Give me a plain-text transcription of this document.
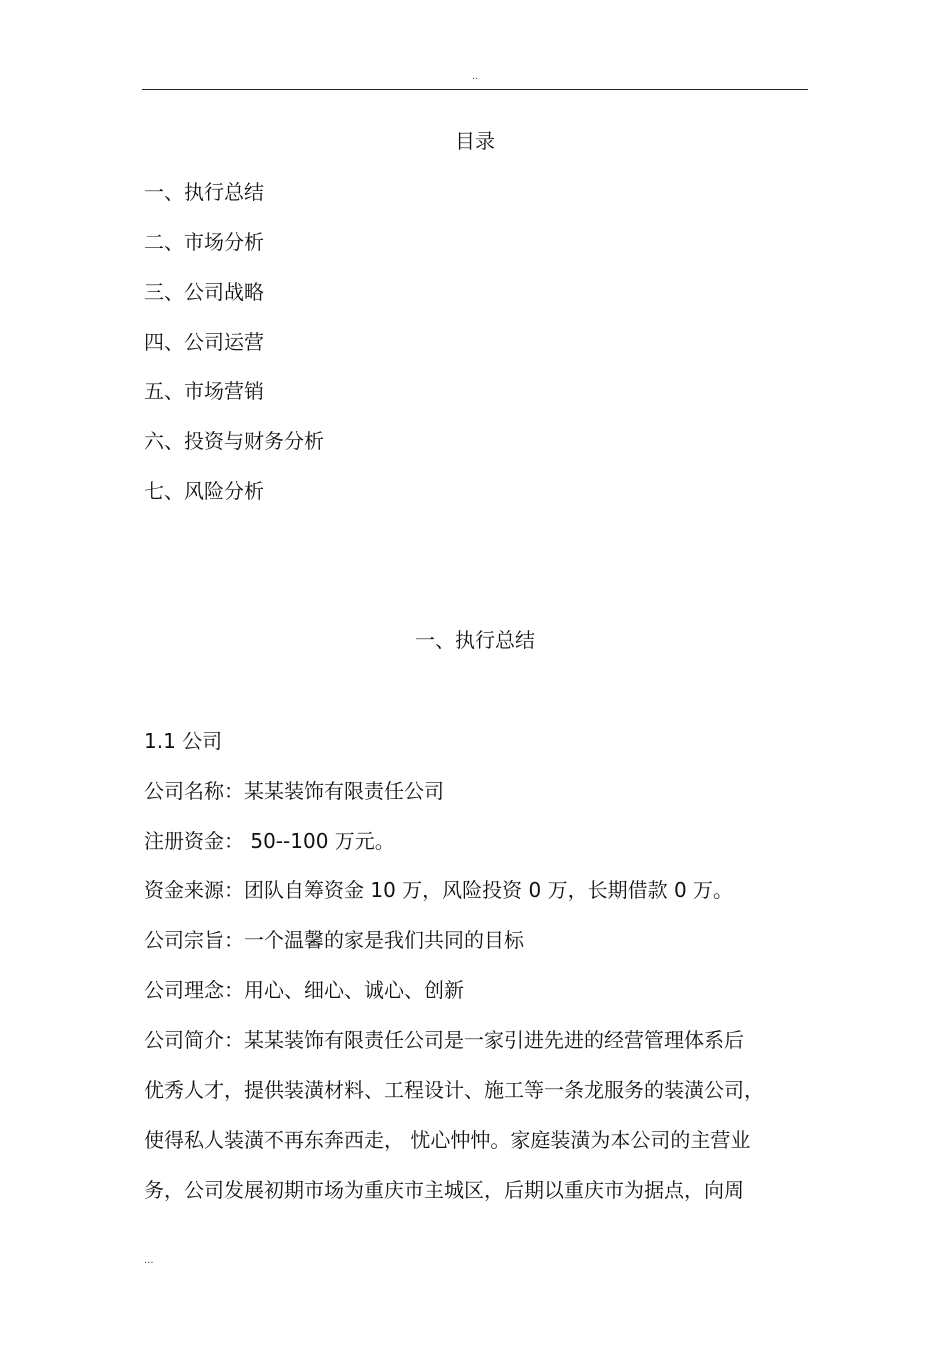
..
目录
一、执行总结
二、市场分析
三、公司战略
四、公司运营
五、市场营销
六、投资与财务分析
七、风险分析
一、执行总结
1.1 公司
公司名称：某某装饰有限责任公司
注册资金： 50--100 万元。
资金来源：团队自筹资金 10 万，风险投资 0 万，长期借款 0 万。
公司宗旨：一个温馨的家是我们共同的目标
公司理念：用心、细心、诚心、创新
公司简介：某某装饰有限责任公司是一家引进先进的经营管理体系后
优秀人才，提供装潢材料、工程设计、施工等一条龙服务的装潢公司，
使得私人装潢不再东奔西走， 忧心忡忡。家庭装潢为本公司的主营业
务，公司发展初期市场为重庆市主城区，后期以重庆市为据点，向周
...
